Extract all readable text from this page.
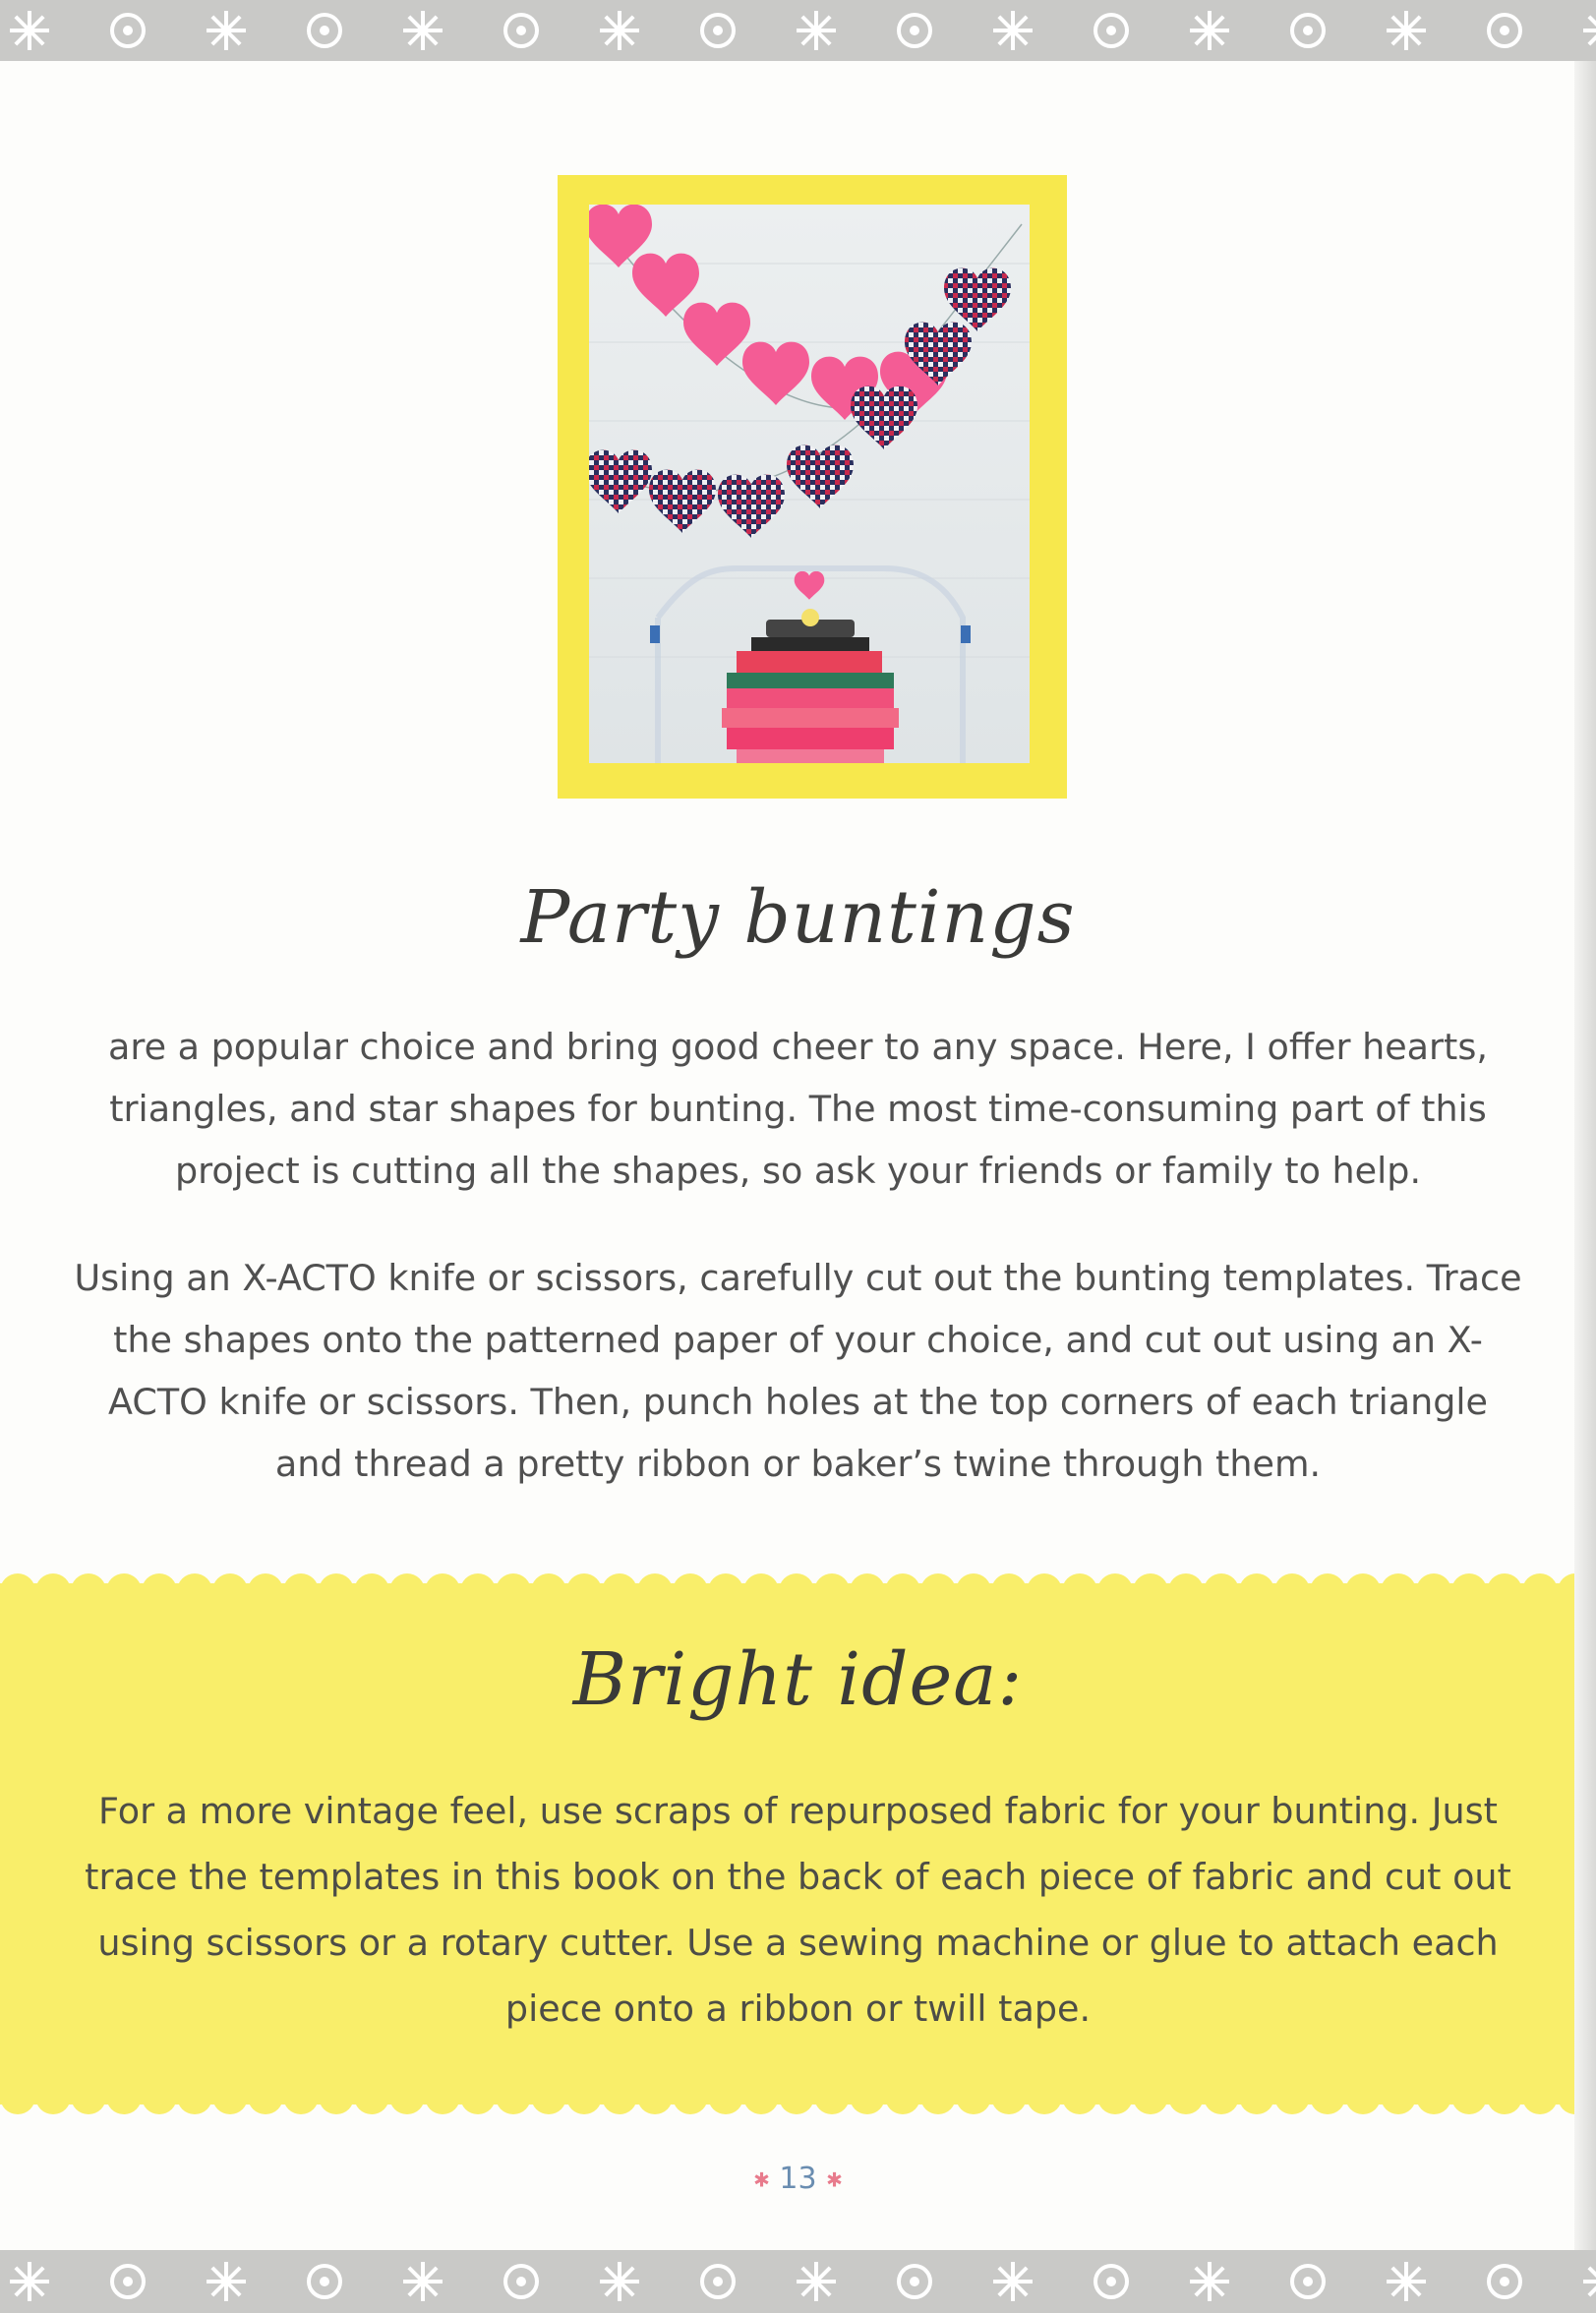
Party buntings

are a popular choice and bring good cheer to any space. Here, I offer hearts, triangles, and star shapes for bunting. The most time-consuming part of this project is cutting all the shapes, so ask your friends or family to help.

Using an X-ACTO knife or scissors, carefully cut out the bunting templates. Trace the shapes onto the patterned paper of your choice, and cut out using an X-ACTO knife or scissors. Then, punch holes at the top corners of each triangle and thread a pretty ribbon or baker’s twine through them.

Bright idea:

For a more vintage feel, use scraps of repurposed fabric for your bunting. Just trace the templates in this book on the back of each piece of fabric and cut out using scissors or a rotary cutter. Use a sewing machine or glue to attach each piece onto a ribbon or twill tape.

✱ 13 ✱
